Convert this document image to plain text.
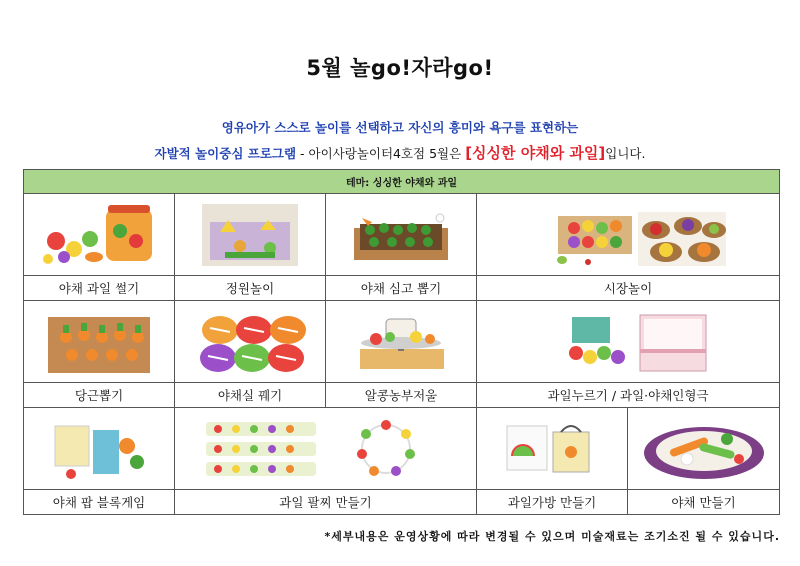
5월 놀go!자라go!
영유아가 스스로 놀이를 선택하고 자신의 흥미와 욕구를 표현하는
자발적 놀이중심 프로그램 - 아이사랑놀이터4호점 5월은 [싱싱한 야채와 과일]입니다.
테마: 싱싱한 야채와 과일				

야채 과일 썰기	정원놀이	야채 심고 뽑기	시장놀이	

당근뽑기	야채실 꿰기	알콩농부저울	과일누르기 / 과일·야채인형극	

야채 팝 블록게임	과일 팔찌 만들기		과일가방 만들기	야채 만들기
*세부내용은 운영상황에 따라 변경될 수 있으며 미술재료는 조기소진 될 수 있습니다.
